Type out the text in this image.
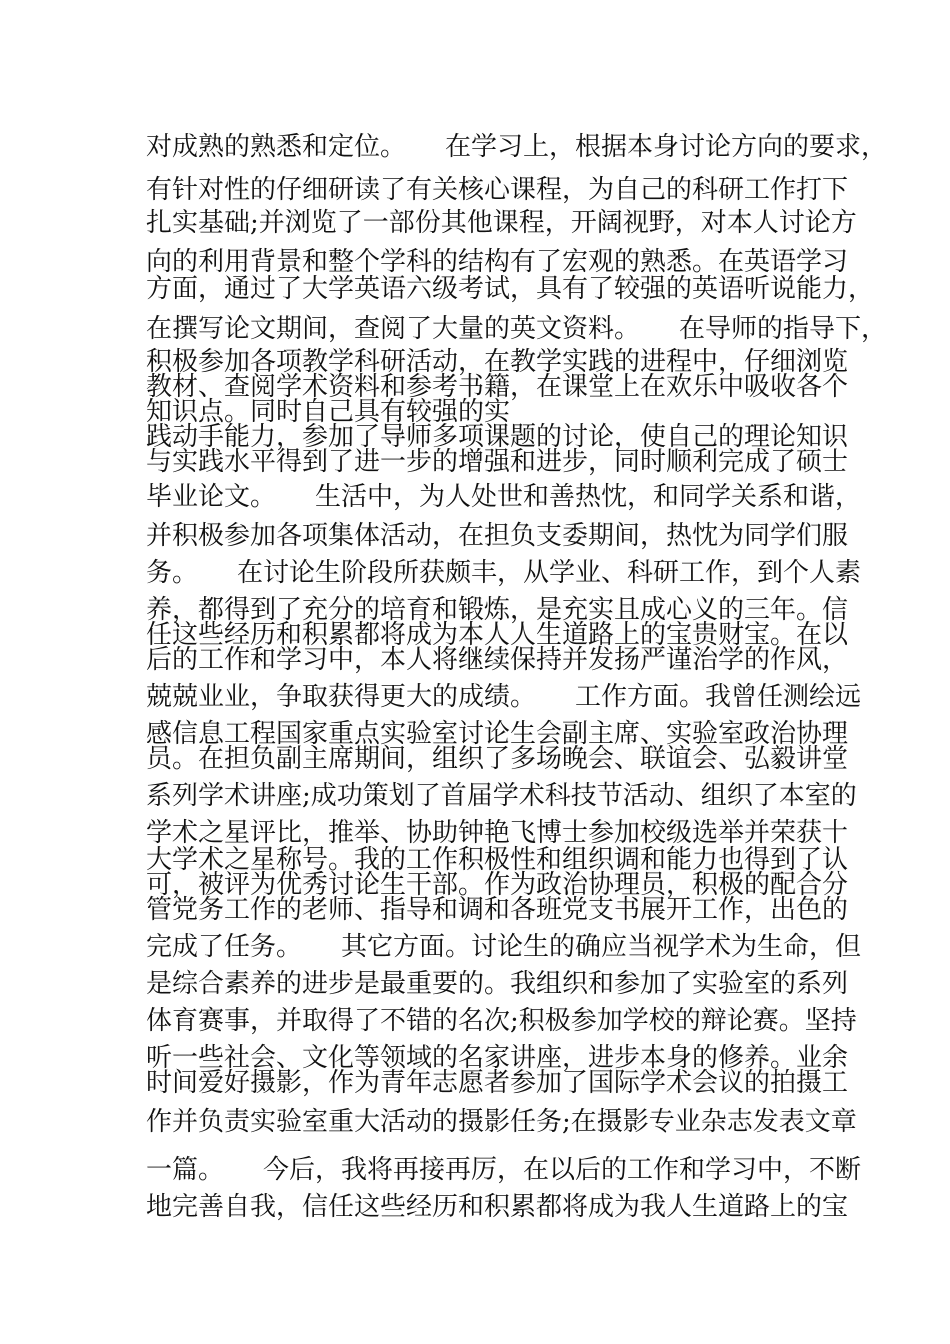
对成熟的熟悉和定位。　　在学习上，根据本身讨论方向的要求，
有针对性的仔细研读了有关核心课程，为自己的科研工作打下
扎实基础;并浏览了一部份其他课程，开阔视野，对本人讨论方
向的利用背景和整个学科的结构有了宏观的熟悉。在英语学习
方面，通过了大学英语六级考试，具有了较强的英语听说能力，
在撰写论文期间，查阅了大量的英文资料。　　在导师的指导下，
积极参加各项教学科研活动，在教学实践的进程中，仔细浏览
教材、查阅学术资料和参考书籍，在课堂上在欢乐中吸收各个
知识点。同时自己具有较强的实
践动手能力，参加了导师多项课题的讨论，使自己的理论知识
与实践水平得到了进一步的增强和进步，同时顺利完成了硕士
毕业论文。　　生活中，为人处世和善热忱，和同学关系和谐，
并积极参加各项集体活动，在担负支委期间，热忱为同学们服
务。　　在讨论生阶段所获颇丰，从学业、科研工作，到个人素
养，都得到了充分的培育和锻炼，是充实且成心义的三年。信
任这些经历和积累都将成为本人人生道路上的宝贵财宝。在以
后的工作和学习中，本人将继续保持并发扬严谨治学的作风，
兢兢业业，争取获得更大的成绩。　　工作方面。我曾任测绘远
感信息工程国家重点实验室讨论生会副主席、实验室政治协理
员。在担负副主席期间，组织了多场晚会、联谊会、弘毅讲堂
系列学术讲座;成功策划了首届学术科技节活动、组织了本室的
学术之星评比，推举、协助钟艳飞博士参加校级选举并荣获十
大学术之星称号。我的工作积极性和组织调和能力也得到了认
可，被评为优秀讨论生干部。作为政治协理员，积极的配合分
管党务工作的老师、指导和调和各班党支书展开工作，出色的
完成了任务。　　其它方面。讨论生的确应当视学术为生命，但
是综合素养的进步是最重要的。我组织和参加了实验室的系列
体育赛事，并取得了不错的名次;积极参加学校的辩论赛。坚持
听一些社会、文化等领域的名家讲座，进步本身的修养。业余
时间爱好摄影，作为青年志愿者参加了国际学术会议的拍摄工
作并负责实验室重大活动的摄影任务;在摄影专业杂志发表文章
一篇。　　今后，我将再接再厉，在以后的工作和学习中，不断
地完善自我，信任这些经历和积累都将成为我人生道路上的宝
